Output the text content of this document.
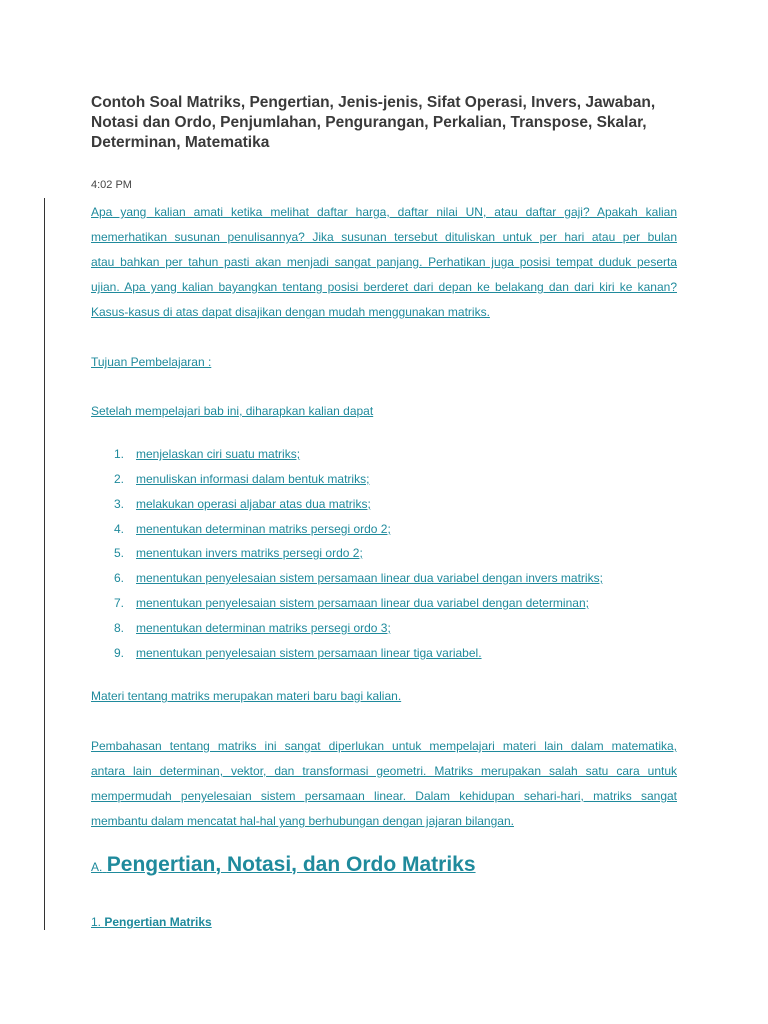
Contoh Soal Matriks, Pengertian, Jenis-jenis, Sifat Operasi, Invers, Jawaban, Notasi dan Ordo, Penjumlahan, Pengurangan, Perkalian, Transpose, Skalar, Determinan, Matematika
4:02 PM
Apa yang kalian amati ketika melihat daftar harga, daftar nilai UN, atau daftar gaji? Apakah kalian
memerhatikan susunan penulisannya? Jika susunan tersebut dituliskan untuk per hari atau per bulan
atau bahkan per tahun pasti akan menjadi sangat panjang. Perhatikan juga posisi tempat duduk peserta
ujian. Apa yang kalian bayangkan tentang posisi berderet dari depan ke belakang dan dari kiri ke kanan?
Kasus-kasus di atas dapat disajikan dengan mudah menggunakan matriks.
Tujuan Pembelajaran :
Setelah mempelajari bab ini, diharapkan kalian dapat
1. menjelaskan ciri suatu matriks;
2. menuliskan informasi dalam bentuk matriks;
3. melakukan operasi aljabar atas dua matriks;
4. menentukan determinan matriks persegi ordo 2;
5. menentukan invers matriks persegi ordo 2;
6. menentukan penyelesaian sistem persamaan linear dua variabel dengan invers matriks;
7. menentukan penyelesaian sistem persamaan linear dua variabel dengan determinan;
8. menentukan determinan matriks persegi ordo 3;
9. menentukan penyelesaian sistem persamaan linear tiga variabel.
Materi tentang matriks merupakan materi baru bagi kalian.
Pembahasan tentang matriks ini sangat diperlukan untuk mempelajari materi lain dalam matematika,
antara lain determinan, vektor, dan transformasi geometri. Matriks merupakan salah satu cara untuk
mempermudah penyelesaian sistem persamaan linear. Dalam kehidupan sehari-hari, matriks sangat
membantu dalam mencatat hal-hal yang berhubungan dengan jajaran bilangan.
A. Pengertian, Notasi, dan Ordo Matriks
1. Pengertian Matriks
